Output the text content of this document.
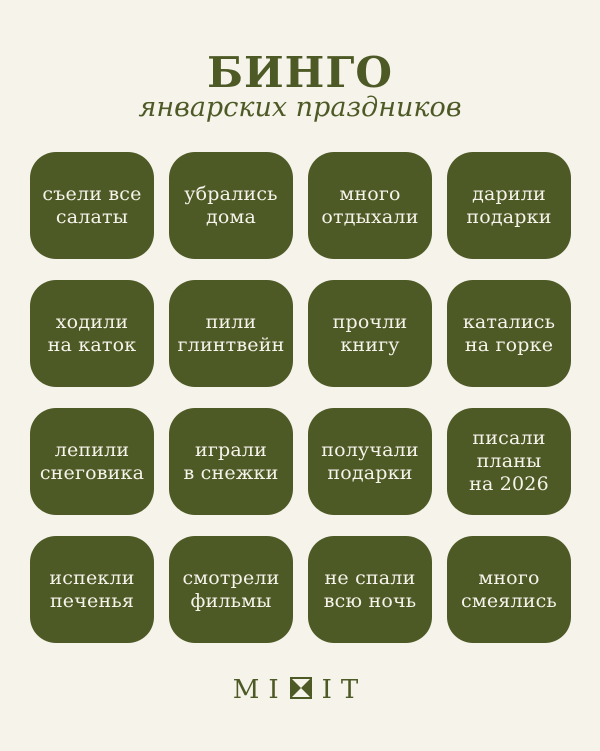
БИНГО
январских праздников
съели все
салаты
убрались
дома
много
отдыхали
дарили
подарки
ходили
на каток
пили
глинтвейн
прочли
книгу
катались
на горке
лепили
снеговика
играли
в снежки
получали
подарки
писали
планы
на 2026
испекли
печенья
смотрели
фильмы
не спали
всю ночь
много
смеялись
MI IT
